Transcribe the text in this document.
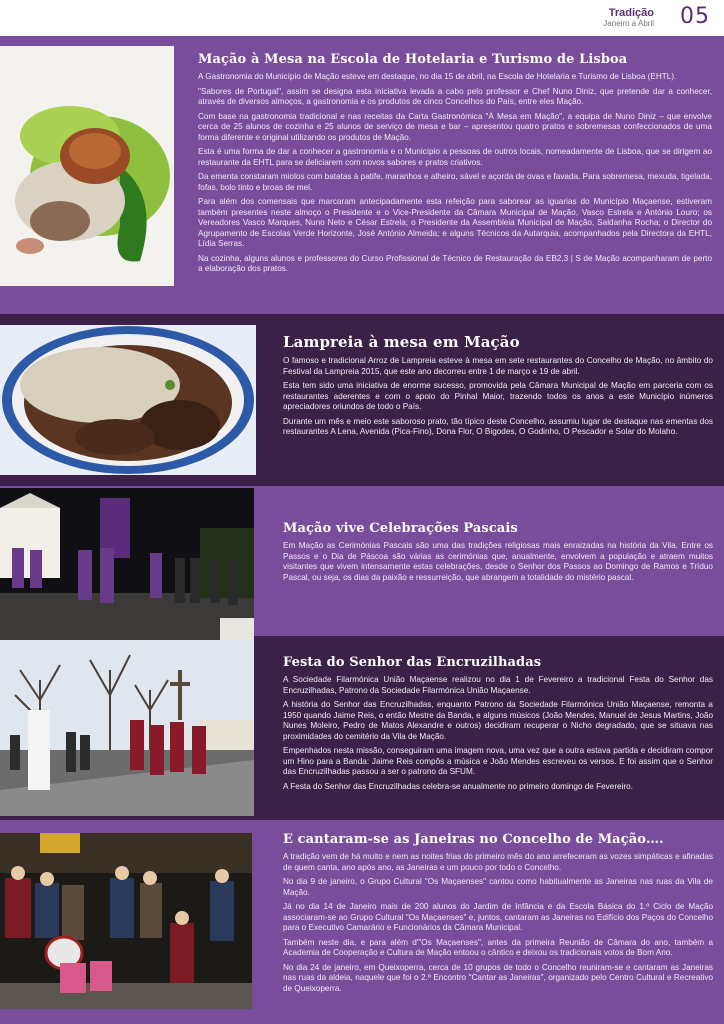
Tradição
Janeiro a Abril 05
Mação à Mesa na Escola de Hotelaria e Turismo de Lisboa

A Gastronomia do Município de Mação esteve em destaque, no dia 15 de abril, na Escola de Hotelaria e Turismo de Lisboa (EHTL).

"Sabores de Portugal", assim se designa esta iniciativa levada a cabo pelo professor e Chef Nuno Diniz, que pretende dar a conhecer, através de diversos almoços, a gastronomia e os produtos de cinco Concelhos do País, entre eles Mação.

Com base na gastronomia tradicional e nas receitas da Carta Gastronómica "À Mesa em Mação", a equipa de Nuno Diniz – que envolve cerca de 25 alunos de cozinha e 25 alunos de serviço de mesa e bar – apresentou quatro pratos e sobremesas confeccionados de uma forma diferente e original utilizando os produtos de Mação.

Esta é uma forma de dar a conhecer a gastronomia e o Município a pessoas de outros locais, nomeadamente de Lisboa, que se dirigem ao restaurante da EHTL para se deliciarem com novos sabores e pratos criativos.

Da ementa constaram miolos com batatas à patife, maranhos e alheiro, sável e açorda de ovas e favada. Para sobremesa, mexuda, tigelada, fofas, bolo tinto e broas de mel.

Para além dos comensais que marcaram antecipadamente esta refeição para saborear as iguarias do Município Maçaense, estiveram também presentes neste almoço o Presidente e o Vice-Presidente da Câmara Municipal de Mação, Vasco Estrela e António Louro; os Vereadores Vasco Marques, Nuno Neto e César Estrela; o Presidente da Assembleia Municipal de Mação, Saldanha Rocha; o Director do Agrupamento de Escolas Verde Horizonte, José António Almeida; e alguns Técnicos da Autarquia, acompanhados pela Directora da EHTL, Lídia Serras.

Na cozinha, alguns alunos e professores do Curso Profissional de Técnico de Restauração da EB2,3 | S de Mação acompanharam de perto a elaboração dos pratos.

Lampreia à mesa em Mação

O famoso e tradicional Arroz de Lampreia esteve à mesa em sete restaurantes do Concelho de Mação, no âmbito do Festival da Lampreia 2015, que este ano decorreu entre 1 de março e 19 de abril.

Esta tem sido uma iniciativa de enorme sucesso, promovida pela Câmara Municipal de Mação em parceria com os restaurantes aderentes e com o apoio do Pinhal Maior, trazendo todos os anos a este Município inúmeros apreciadores oriundos de todo o País.

Durante um mês e meio este saboroso prato, tão típico deste Concelho, assumiu lugar de destaque nas ementas dos restaurantes A Lena, Avenida (Pica-Fino), Dona Flor, O Bigodes, O Godinho, O Pescador e Solar do Molaho.

Mação vive Celebrações Pascais

Em Mação as Cerimónias Pascais são uma das tradições religiosas mais enraizadas na história da Vila. Entre os Passos e o Dia de Páscoa são várias as cerimónias que, anualmente, envolvem a população e atraem muitos visitantes que vivem intensamente estas celebrações, desde o Senhor dos Passos ao Domingo de Ramos e Tríduo Pascal, ou seja, os dias da paixão e ressurreição, que abrangem a totalidade do mistério pascal.

Festa do Senhor das Encruzilhadas

A Sociedade Filarmónica União Maçaense realizou no dia 1 de Fevereiro a tradicional Festa do Senhor das Encruzilhadas, Patrono da Sociedade Filarmónica União Maçaense.

A história do Senhor das Encruzilhadas, enquanto Patrono da Sociedade Filarmónica União Maçaense, remonta a 1950 quando Jaime Reis, o então Mestre da Banda, e alguns músicos (João Mendes, Manuel de Jesus Martins, João Nunes Moleiro, Pedro de Matos Alexandre e outros) decidiram recuperar o Nicho degradado, que se situava nas proximidades do cemitério da Vila de Mação.

Empenhados nesta missão, conseguiram uma imagem nova, uma vez que a outra estava partida e decidiram compor um Hino para a Banda: Jaime Reis compôs a música e João Mendes escreveu os versos. E foi assim que o Senhor das Encruzilhadas passou a ser o patrono da SFUM.

A Festa do Senhor das Encruzilhadas celebra-se anualmente no primeiro domingo de Fevereiro.

E cantaram-se as Janeiras no Concelho de Mação….

A tradição vem de há muito e nem as noites frias do primeiro mês do ano arrefeceram as vozes simpáticas e afinadas de quem canta, ano após ano, as Janeiras e um pouco por todo o Concelho.

No dia 9 de janeiro, o Grupo Cultural "Os Maçaenses" cantou como habitualmente as Janeiras nas ruas da Vila de Mação.

Já no dia 14 de Janeiro mais de 200 alunos do Jardim de Infância e da Escola Básica do 1.º Ciclo de Mação associaram-se ao Grupo Cultural "Os Maçaenses" e, juntos, cantaram as Janeiras no Edifício dos Paços do Concelho para o Executivo Camarário e Funcionários da Câmara Municipal.

Também neste dia, e para além d'"Os Maçaenses", antes da primeira Reunião de Câmara do ano, também a Academia de Cooperação e Cultura de Mação entoou o cântico e deixou os tradicionais votos de Bom Ano.

No dia 24 de janeiro, em Queixoperra, cerca de 10 grupos de todo o Concelho reuniram-se e cantaram as Janeiras nas ruas da aldeia, naquele que foi o 2.º Encontro "Cantar as Janeiras", organizado pelo Centro Cultural e Recreativo de Queixoperra.
